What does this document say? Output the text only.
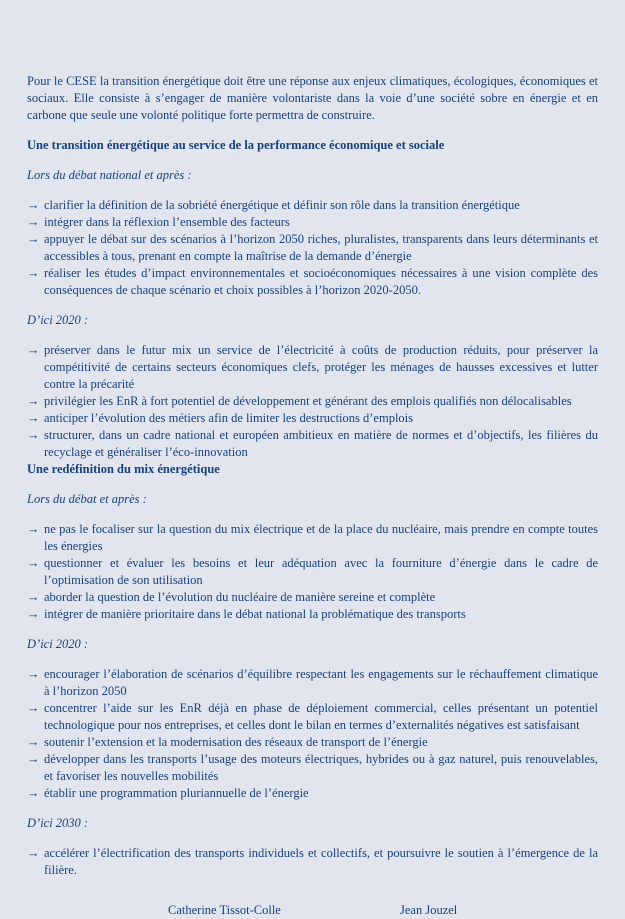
Pour le CESE la transition énergétique doit être une réponse aux enjeux climatiques, écologiques, économiques et sociaux. Elle consiste à s’engager de manière volontariste dans la voie d’une société sobre en énergie et en carbone que seule une volonté politique forte permettra de construire.

Une transition énergétique au service de la performance économique et sociale

Lors du débat national et après :

→ clarifier la définition de la sobriété énergétique et définir son rôle dans la transition énergétique
→ intégrer dans la réflexion l’ensemble des facteurs
→ appuyer le débat sur des scénarios à l’horizon 2050 riches, pluralistes, transparents dans leurs déterminants et accessibles à tous, prenant en compte la maîtrise de la demande d’énergie
→ réaliser les études d’impact environnementales et socioéconomiques nécessaires à une vision complète des conséquences de chaque scénario et choix possibles à l’horizon 2020-2050.

D’ici 2020 :

→ préserver dans le futur mix un service de l’électricité à coûts de production réduits, pour préserver la compétitivité de certains secteurs économiques clefs, protéger les ménages de hausses excessives et lutter contre la précarité
→ privilégier les EnR à fort potentiel de développement et générant des emplois qualifiés non délocalisables
→ anticiper l’évolution des métiers afin de limiter les destructions d’emplois
→ structurer, dans un cadre national et européen ambitieux en matière de normes et d’objectifs, les filières du recyclage et généraliser l’éco-innovation

Une redéfinition du mix énergétique

Lors du débat et après :

→ ne pas le focaliser sur la question du mix électrique et de la place du nucléaire, mais prendre en compte toutes les énergies
→ questionner et évaluer les besoins et leur adéquation avec la fourniture d’énergie dans le cadre de l’optimisation de son utilisation
→ aborder la question de l’évolution du nucléaire de manière sereine et complète
→ intégrer de manière prioritaire dans le débat national la problématique des transports

D’ici 2020 :

→ encourager l’élaboration de scénarios d’équilibre respectant les engagements sur le réchauffement climatique à l’horizon 2050
→ concentrer l’aide sur les EnR déjà en phase de déploiement commercial, celles présentant un potentiel technologique pour nos entreprises, et celles dont le bilan en termes d’externalités négatives est satisfaisant
→ soutenir l’extension et la modernisation des réseaux de transport de l’énergie
→ développer dans les transports l’usage des moteurs électriques, hybrides ou à gaz naturel, puis renouvelables, et favoriser les nouvelles mobilités
→ établir une programmation pluriannuelle de l’énergie

D’ici 2030 :

→ accélérer l’électrification des transports individuels et collectifs, et poursuivre le soutien à l’émergence de la filière.
Catherine Tissot-Colle	Jean Jouzel
